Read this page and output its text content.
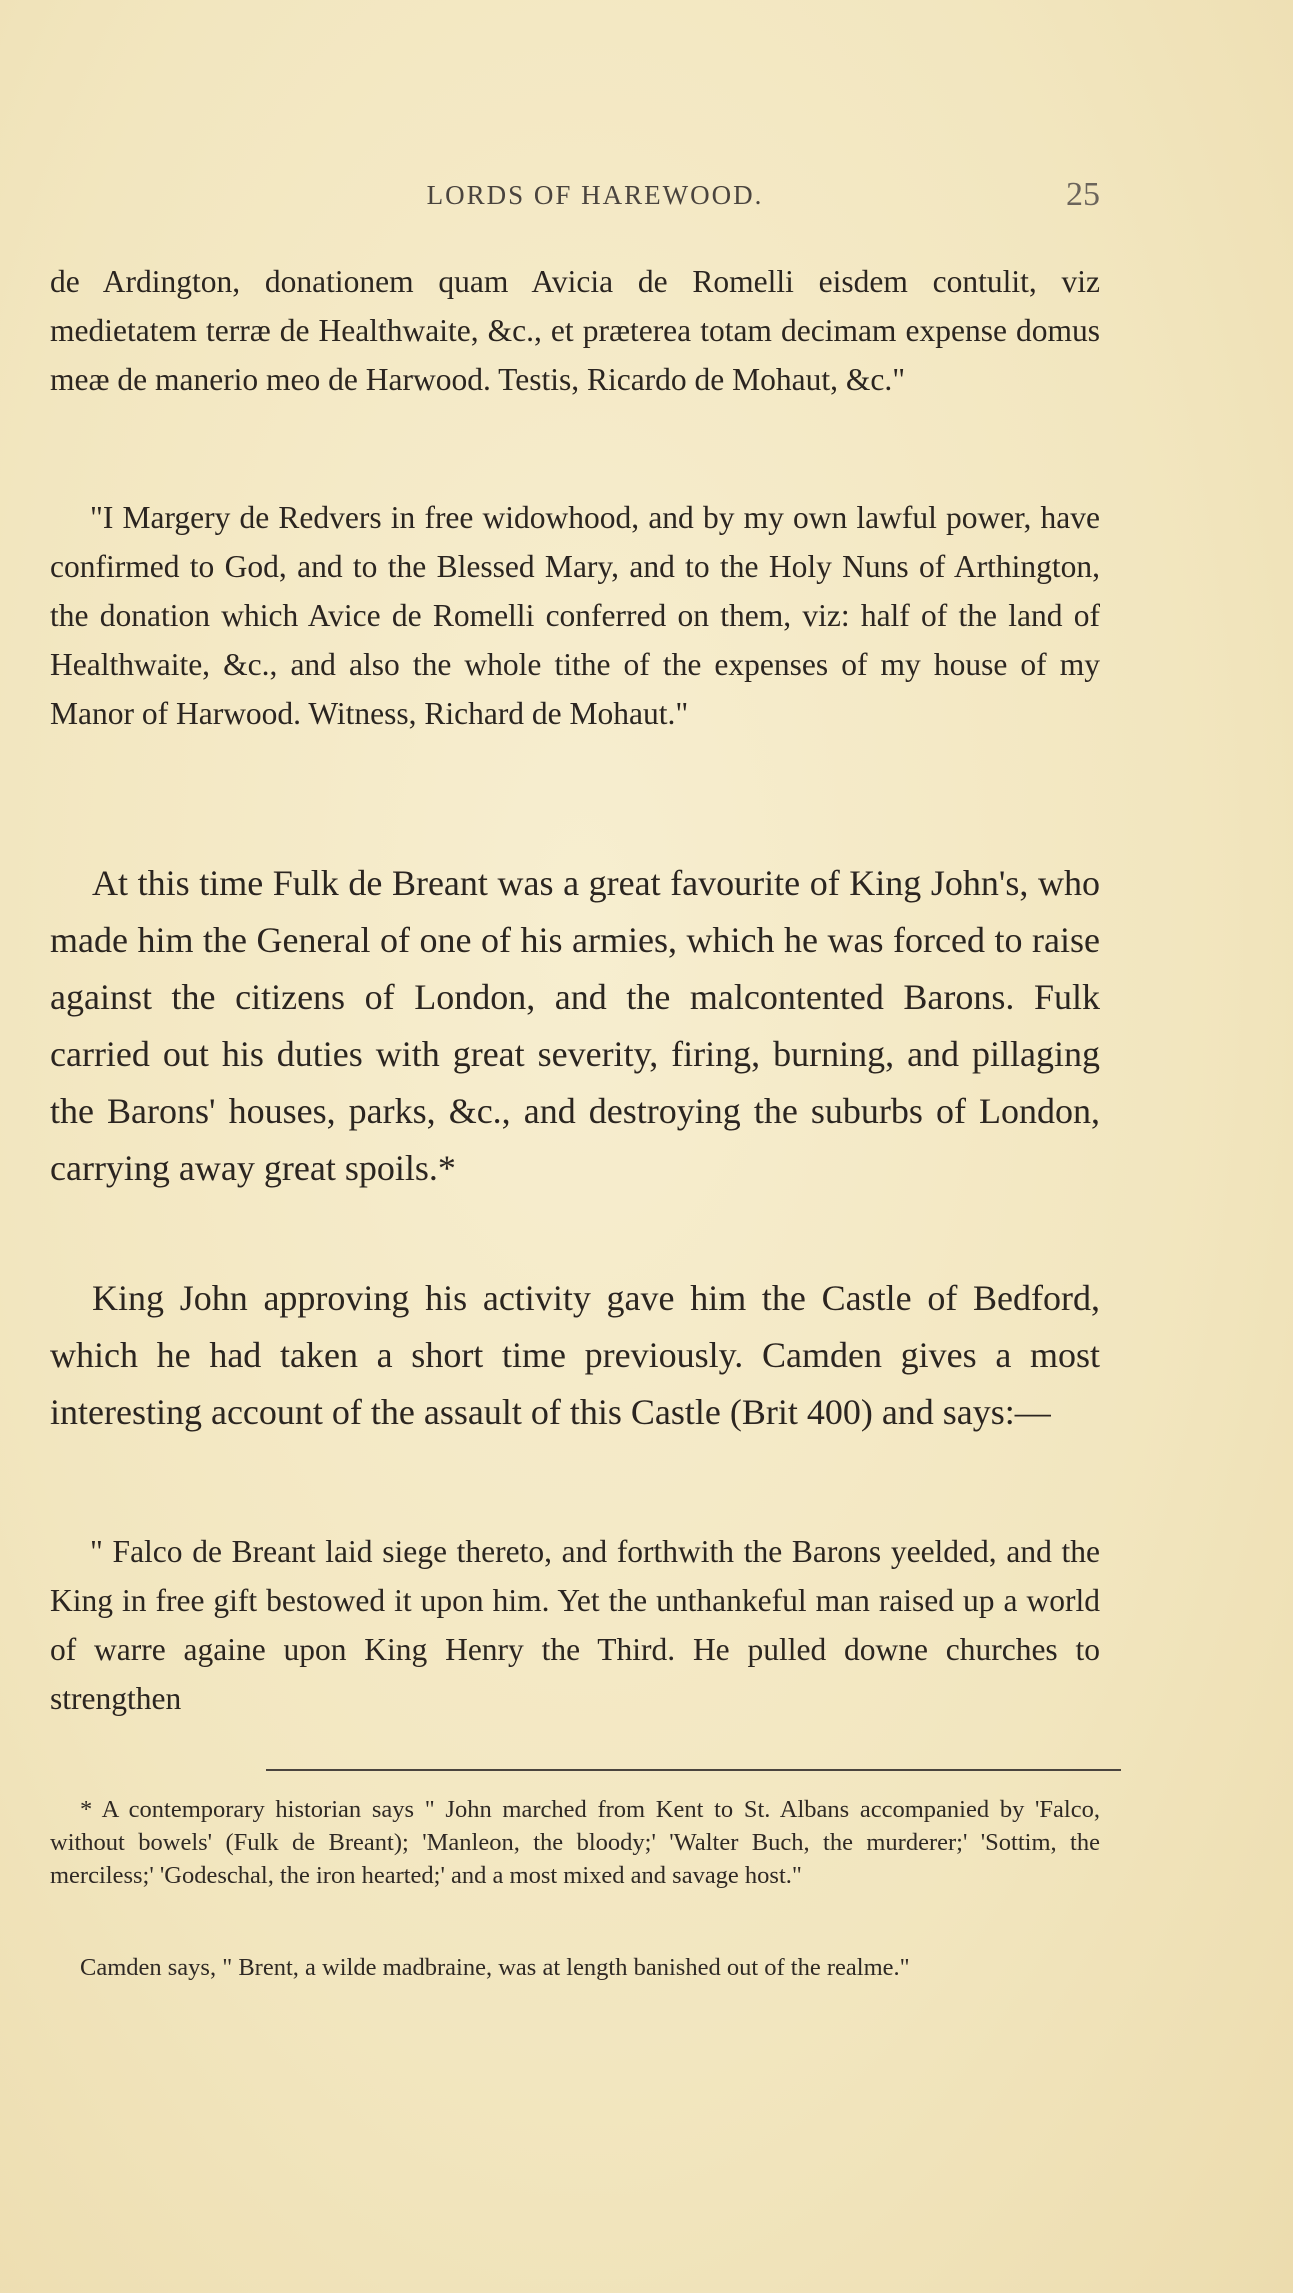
LORDS OF HAREWOOD.	25

de Ardington, donationem quam Avicia de Romelli eisdem contulit, viz medietatem terræ de Healthwaite, &c., et præterea totam decimam expense domus meæ de manerio meo de Harwood. Testis, Ricardo de Mohaut, &c."

"I Margery de Redvers in free widowhood, and by my own lawful power, have confirmed to God, and to the Blessed Mary, and to the Holy Nuns of Arthington, the donation which Avice de Romelli conferred on them, viz: half of the land of Healthwaite, &c., and also the whole tithe of the expenses of my house of my Manor of Harwood. Witness, Richard de Mohaut."

At this time Fulk de Breant was a great favourite of King John's, who made him the General of one of his armies, which he was forced to raise against the citizens of London, and the malcontented Barons. Fulk carried out his duties with great severity, firing, burning, and pillaging the Barons' houses, parks, &c., and destroying the suburbs of London, carrying away great spoils.*

King John approving his activity gave him the Castle of Bedford, which he had taken a short time previously. Camden gives a most interesting account of the assault of this Castle (Brit 400) and says:—

" Falco de Breant laid siege thereto, and forthwith the Barons yeelded, and the King in free gift bestowed it upon him. Yet the unthankeful man raised up a world of warre againe upon King Henry the Third. He pulled downe churches to strengthen

* A contemporary historian says " John marched from Kent to St. Albans accompanied by 'Falco, without bowels' (Fulk de Breant); 'Manleon, the bloody;' 'Walter Buch, the murderer;' 'Sottim, the merciless;' 'Godeschal, the iron hearted;' and a most mixed and savage host."

Camden says, " Brent, a wilde madbraine, was at length banished out of the realme."
